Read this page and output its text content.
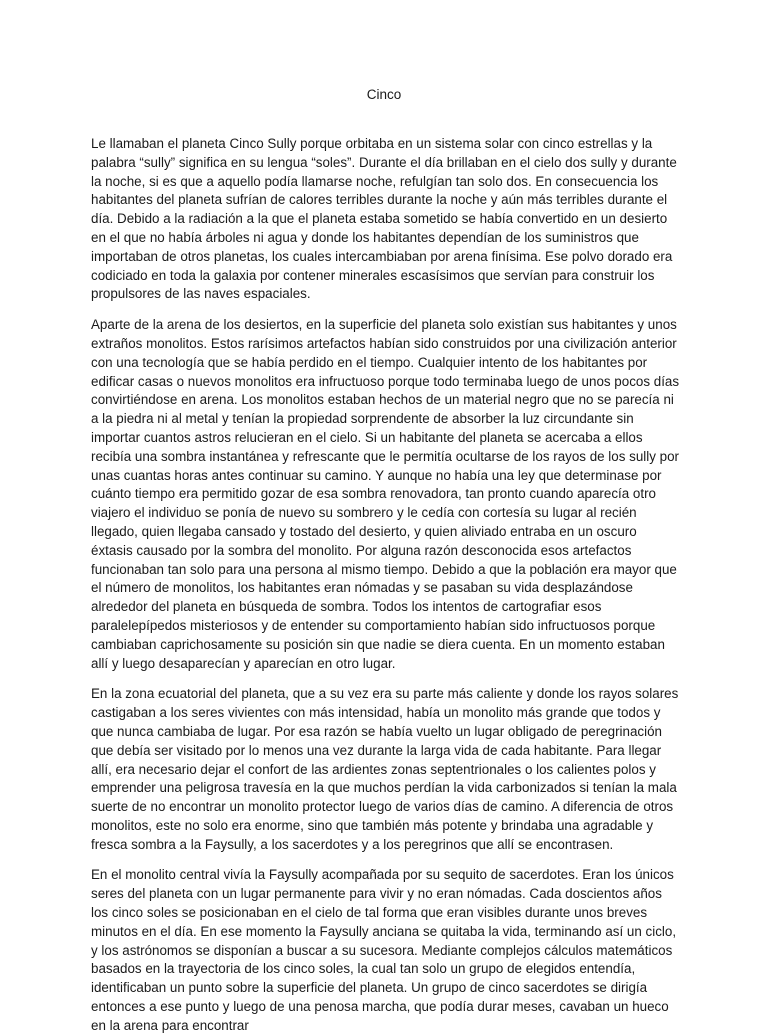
Cinco

Le llamaban el planeta Cinco Sully porque orbitaba en un sistema solar con cinco estrellas y la palabra “sully” significa en su lengua “soles”. Durante el día brillaban en el cielo dos sully y durante la noche, si es que a aquello podía llamarse noche, refulgían tan solo dos. En consecuencia los habitantes del planeta sufrían de calores terribles durante la noche y aún más terribles durante el día. Debido a la radiación a la que el planeta estaba sometido se había convertido en un desierto en el que no había árboles ni agua y donde los habitantes dependían de los suministros que importaban de otros planetas, los cuales intercambiaban por arena finísima. Ese polvo dorado era codiciado en toda la galaxia por contener minerales escasísimos que servían para construir los propulsores de las naves espaciales.

Aparte de la arena de los desiertos, en la superficie del planeta solo existían sus habitantes y unos extraños monolitos. Estos rarísimos artefactos habían sido construidos por una civilización anterior con una tecnología que se había perdido en el tiempo. Cualquier intento de los habitantes por edificar casas o nuevos monolitos era infructuoso porque todo terminaba luego de unos pocos días convirtiéndose en arena. Los monolitos estaban hechos de un material negro que no se parecía ni a la piedra ni al metal y tenían la propiedad sorprendente de absorber la luz circundante sin importar cuantos astros relucieran en el cielo. Si un habitante del planeta se acercaba a ellos recibía una sombra instantánea y refrescante que le permitía ocultarse de los rayos de los sully por unas cuantas horas antes continuar su camino. Y aunque no había una ley que determinase por cuánto tiempo era permitido gozar de esa sombra renovadora, tan pronto cuando aparecía otro viajero el individuo se ponía de nuevo su sombrero y le cedía con cortesía su lugar al recién llegado, quien llegaba cansado y tostado del desierto, y quien aliviado entraba en un oscuro éxtasis causado por la sombra del monolito. Por alguna razón desconocida esos artefactos funcionaban tan solo para una persona al mismo tiempo. Debido a que la población era mayor que el número de monolitos, los habitantes eran nómadas y se pasaban su vida desplazándose alrededor del planeta en búsqueda de sombra. Todos los intentos de cartografiar esos paralelepípedos misteriosos y de entender su comportamiento habían sido infructuosos porque cambiaban caprichosamente su posición sin que nadie se diera cuenta. En un momento estaban allí y luego desaparecían y aparecían en otro lugar.

En la zona ecuatorial del planeta, que a su vez era su parte más caliente y donde los rayos solares castigaban a los seres vivientes con más intensidad, había un monolito más grande que todos y que nunca cambiaba de lugar. Por esa razón se había vuelto un lugar obligado de peregrinación que debía ser visitado por lo menos una vez durante la larga vida de cada habitante. Para llegar allí, era necesario dejar el confort de las ardientes zonas septentrionales o los calientes polos y emprender una peligrosa travesía en la que muchos perdían la vida carbonizados si tenían la mala suerte de no encontrar un monolito protector luego de varios días de camino. A diferencia de otros monolitos, este no solo era enorme, sino que también más potente y brindaba una agradable y fresca sombra a la Faysully, a los sacerdotes y a los peregrinos que allí se encontrasen.

En el monolito central vivía la Faysully acompañada por su sequito de sacerdotes. Eran los únicos seres del planeta con un lugar permanente para vivir y no eran nómadas. Cada doscientos años los cinco soles se posicionaban en el cielo de tal forma que eran visibles durante unos breves minutos en el día. En ese momento la Faysully anciana se quitaba la vida, terminando así un ciclo, y los astrónomos se disponían a buscar a su sucesora. Mediante complejos cálculos matemáticos basados en la trayectoria de los cinco soles, la cual tan solo un grupo de elegidos entendía, identificaban un punto sobre la superficie del planeta. Un grupo de cinco sacerdotes se dirigía entonces a ese punto y luego de una penosa marcha, que podía durar meses, cavaban un hueco en la arena para encontrar
